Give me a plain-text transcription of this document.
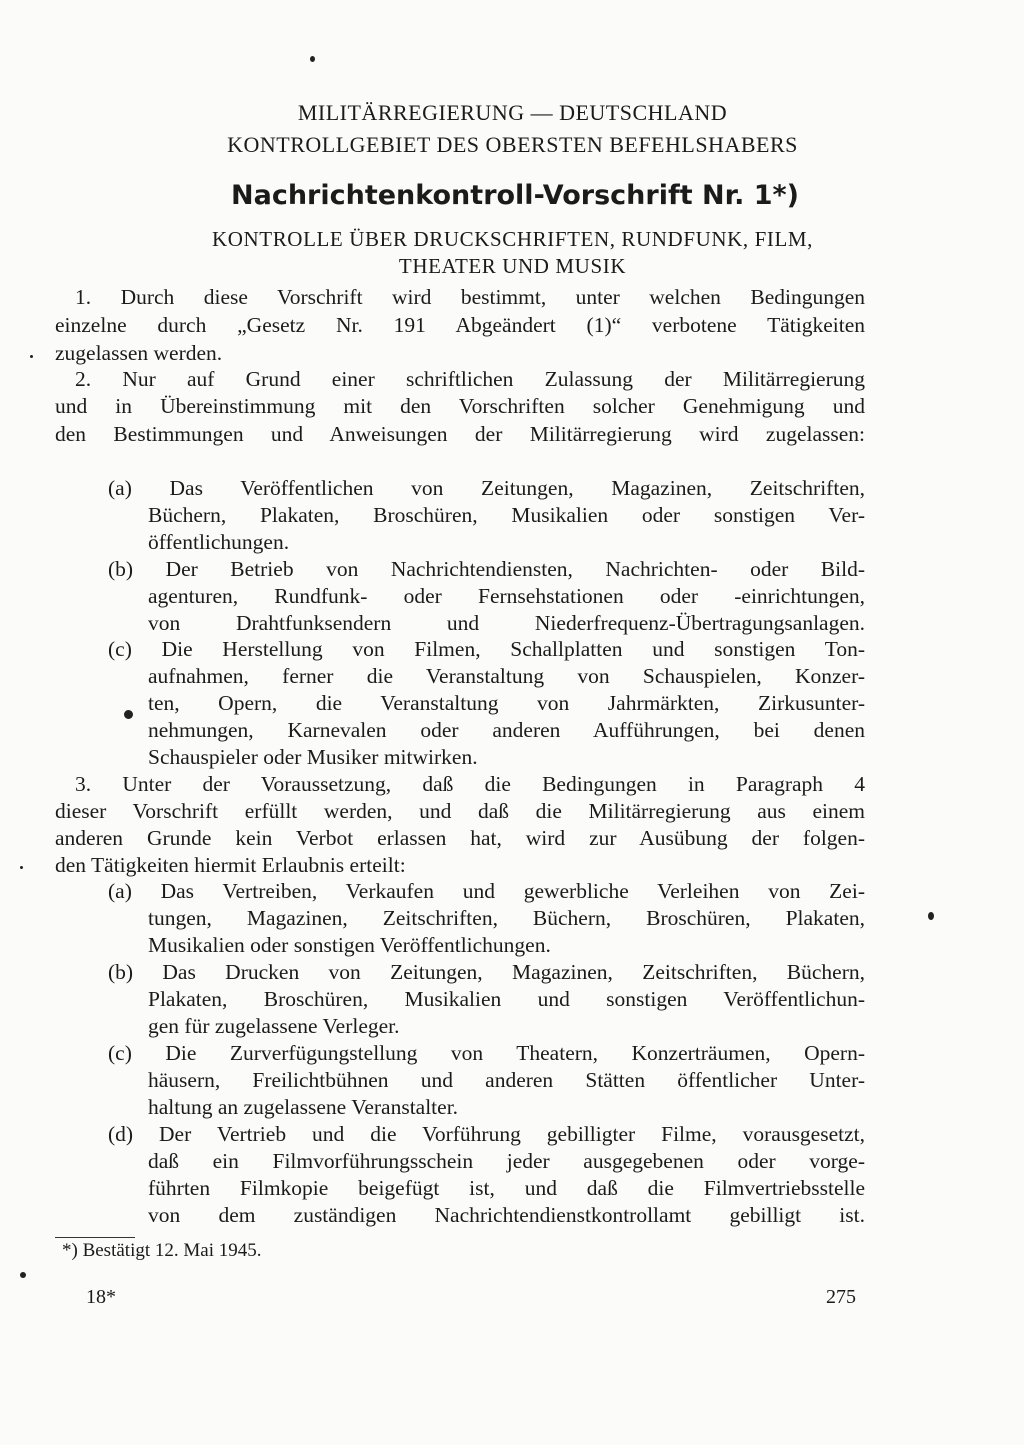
MILITÄRREGIERUNG — DEUTSCHLAND
KONTROLLGEBIET DES OBERSTEN BEFEHLSHABERS
Nachrichtenkontroll-Vorschrift Nr. 1*)
KONTROLLE ÜBER DRUCKSCHRIFTEN, RUNDFUNK, FILM,
THEATER UND MUSIK
1. Durch diese Vorschrift wird bestimmt, unter welchen Bedingungen
einzelne durch „Gesetz Nr. 191 Abgeändert (1)“ verbotene Tätigkeiten
zugelassen werden.
2. Nur auf Grund einer schriftlichen Zulassung der Militärregierung
und in Übereinstimmung mit den Vorschriften solcher Genehmigung und
den Bestimmungen und Anweisungen der Militärregierung wird zugelassen:
(a) Das Veröffentlichen von Zeitungen, Magazinen, Zeitschriften,
Büchern, Plakaten, Broschüren, Musikalien oder sonstigen Ver-
öffentlichungen.
(b) Der Betrieb von Nachrichtendiensten, Nachrichten- oder Bild-
agenturen, Rundfunk- oder Fernsehstationen oder -einrichtungen,
von Drahtfunksendern und Niederfrequenz-Übertragungsanlagen.
(c) Die Herstellung von Filmen, Schallplatten und sonstigen Ton-
aufnahmen, ferner die Veranstaltung von Schauspielen, Konzer-
ten, Opern, die Veranstaltung von Jahrmärkten, Zirkusunter-
nehmungen, Karnevalen oder anderen Aufführungen, bei denen
Schauspieler oder Musiker mitwirken.
3. Unter der Voraussetzung, daß die Bedingungen in Paragraph 4
dieser Vorschrift erfüllt werden, und daß die Militärregierung aus einem
anderen Grunde kein Verbot erlassen hat, wird zur Ausübung der folgen-
den Tätigkeiten hiermit Erlaubnis erteilt:
(a) Das Vertreiben, Verkaufen und gewerbliche Verleihen von Zei-
tungen, Magazinen, Zeitschriften, Büchern, Broschüren, Plakaten,
Musikalien oder sonstigen Veröffentlichungen.
(b) Das Drucken von Zeitungen, Magazinen, Zeitschriften, Büchern,
Plakaten, Broschüren, Musikalien und sonstigen Veröffentlichun-
gen für zugelassene Verleger.
(c) Die Zurverfügungstellung von Theatern, Konzerträumen, Opern-
häusern, Freilichtbühnen und anderen Stätten öffentlicher Unter-
haltung an zugelassene Veranstalter.
(d) Der Vertrieb und die Vorführung gebilligter Filme, vorausgesetzt,
daß ein Filmvorführungsschein jeder ausgegebenen oder vorge-
führten Filmkopie beigefügt ist, und daß die Filmvertriebsstelle
von dem zuständigen Nachrichtendienstkontrollamt gebilligt ist.
*) Bestätigt 12. Mai 1945.
18*	275
